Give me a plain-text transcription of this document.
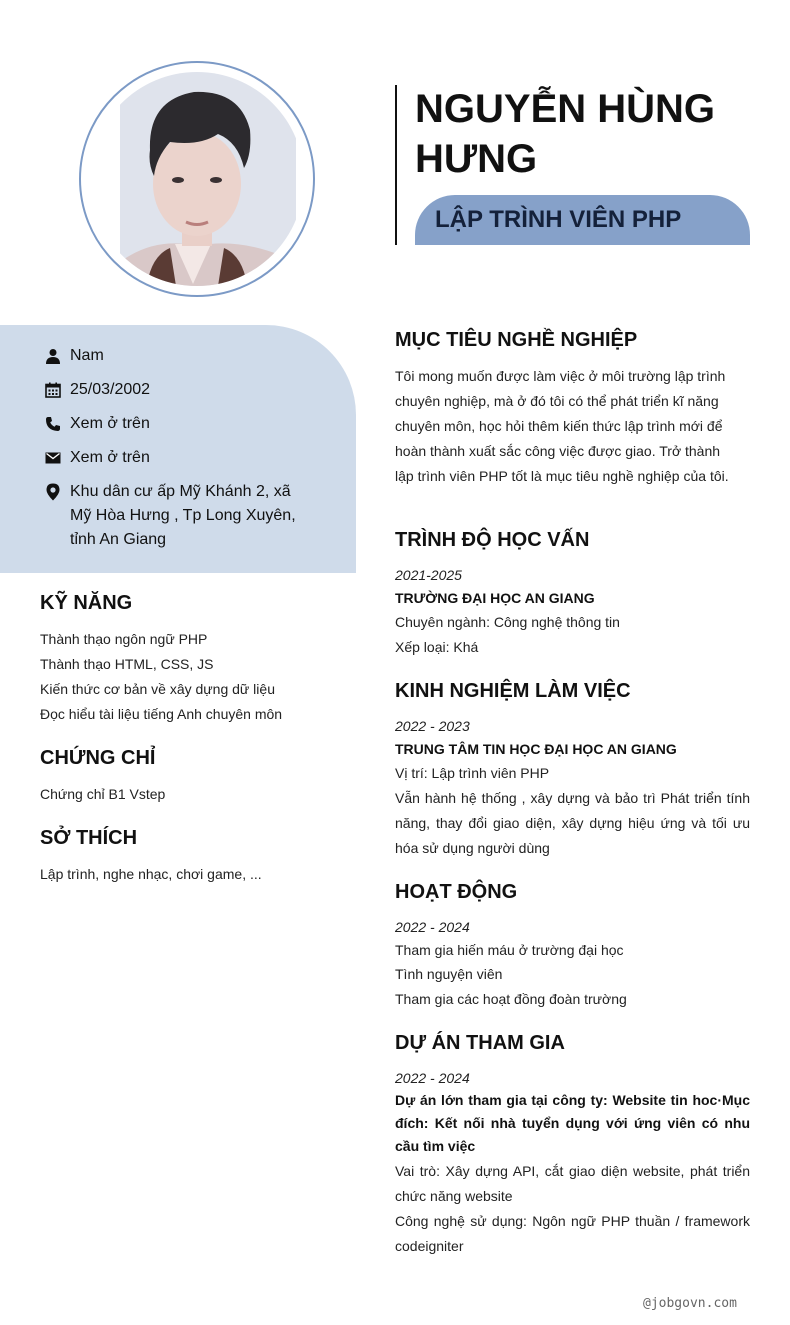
NGUYỄN HÙNG HƯNG
LẬP TRÌNH VIÊN PHP
Nam
25/03/2002
Xem ở trên
Xem ở trên
Khu dân cư ấp Mỹ Khánh 2, xã Mỹ Hòa Hưng , Tp Long Xuyên, tỉnh An Giang
KỸ NĂNG
Thành thạo ngôn ngữ PHP
Thành thạo HTML, CSS, JS
Kiến thức cơ bản về xây dựng dữ liệu
Đọc hiểu tài liệu tiếng Anh chuyên môn
CHỨNG CHỈ
Chứng chỉ B1 Vstep
SỞ THÍCH
Lập trình, nghe nhạc, chơi game, ...
MỤC TIÊU NGHỀ NGHIỆP
Tôi mong muốn được làm việc ở môi trường lập trình chuyên nghiệp, mà ở đó tôi có thể phát triển kĩ năng chuyên môn, học hỏi thêm kiến thức lập trình mới để hoàn thành xuất sắc công việc được giao. Trở thành lập trình viên PHP tốt là mục tiêu nghề nghiệp của tôi.
TRÌNH ĐỘ HỌC VẤN
2021-2025
TRƯỜNG ĐẠI HỌC AN GIANG
Chuyên ngành: Công nghệ thông tin
Xếp loại: Khá
KINH NGHIỆM LÀM VIỆC
2022 - 2023
TRUNG TÂM TIN HỌC ĐẠI HỌC AN GIANG
Vị trí: Lập trình viên PHP
Vẫn hành hệ thống , xây dựng và bảo trì Phát triển tính năng, thay đổi giao diện, xây dựng hiệu ứng và tối ưu hóa sử dụng người dùng
HOẠT ĐỘNG
2022 - 2024
Tham gia hiến máu ở trường đại học
Tình nguyện viên
Tham gia các hoạt đồng đoàn trường
DỰ ÁN THAM GIA
2022 - 2024
Dự án lớn tham gia tại công ty: Website tin hoc·Mục đích: Kết nối nhà tuyển dụng với ứng viên có nhu cầu tìm việc
Vai trò: Xây dựng API, cắt giao diện website, phát triển chức năng website
Công nghệ sử dụng: Ngôn ngữ PHP thuần / framework codeigniter
@jobgovn.com
